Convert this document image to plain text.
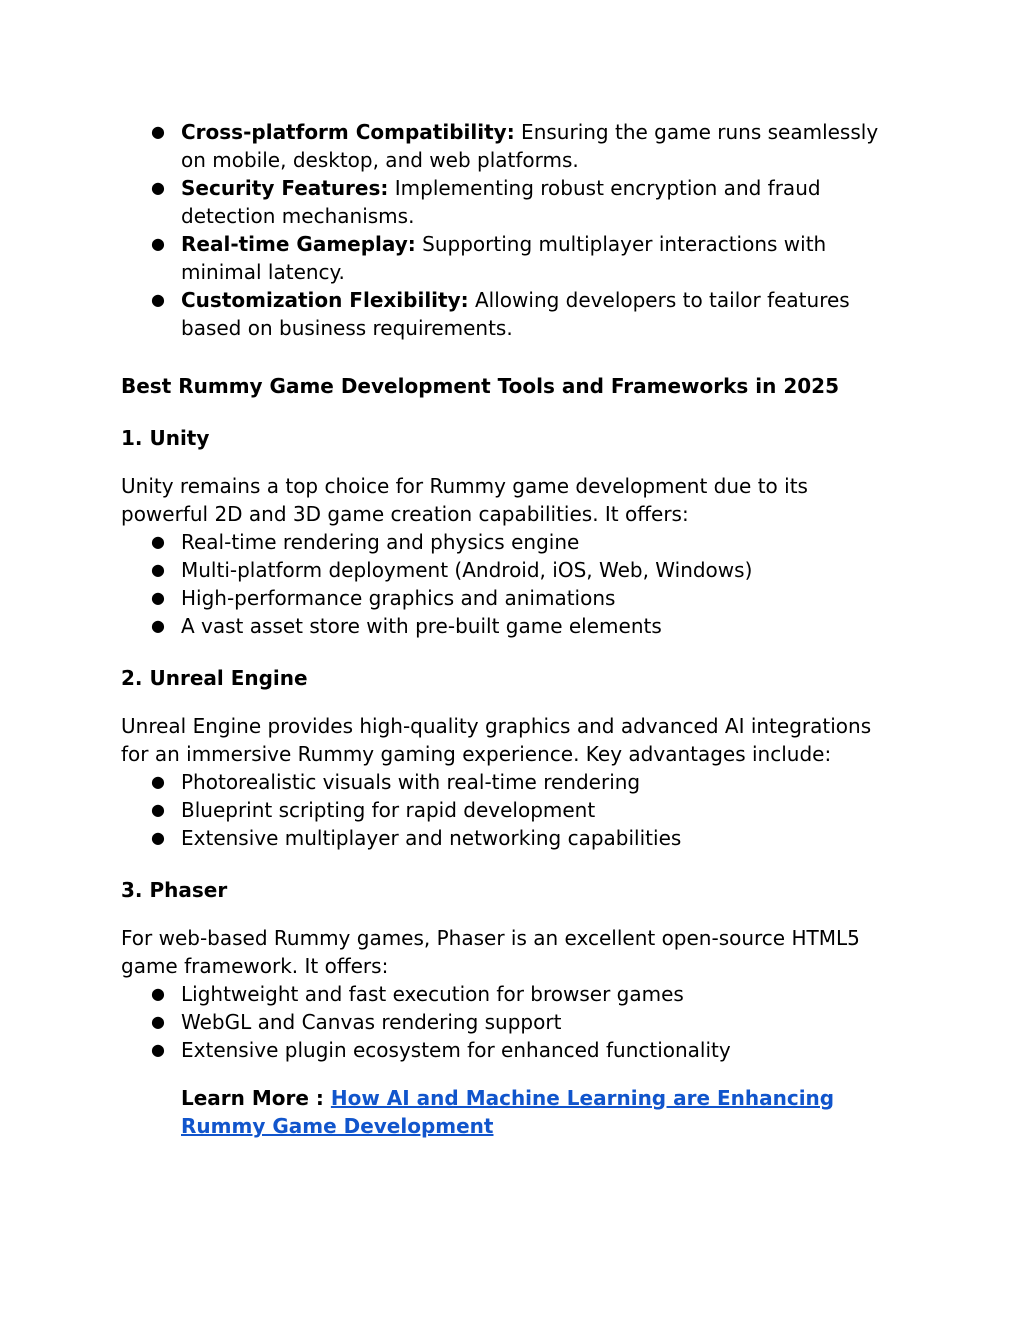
● Cross-platform Compatibility: Ensuring the game runs seamlessly on mobile, desktop, and web platforms.
● Security Features: Implementing robust encryption and fraud detection mechanisms.
● Real-time Gameplay: Supporting multiplayer interactions with minimal latency.
● Customization Flexibility: Allowing developers to tailor features based on business requirements.
Best Rummy Game Development Tools and Frameworks in 2025
1. Unity

Unity remains a top choice for Rummy game development due to its powerful 2D and 3D game creation capabilities. It offers:

● Real-time rendering and physics engine
● Multi-platform deployment (Android, iOS, Web, Windows)
● High-performance graphics and animations
● A vast asset store with pre-built game elements
2. Unreal Engine

Unreal Engine provides high-quality graphics and advanced AI integrations for an immersive Rummy gaming experience. Key advantages include:

● Photorealistic visuals with real-time rendering
● Blueprint scripting for rapid development
● Extensive multiplayer and networking capabilities
3. Phaser

For web-based Rummy games, Phaser is an excellent open-source HTML5 game framework. It offers:

● Lightweight and fast execution for browser games
● WebGL and Canvas rendering support
● Extensive plugin ecosystem for enhanced functionality

Learn More : How AI and Machine Learning are Enhancing Rummy Game Development
